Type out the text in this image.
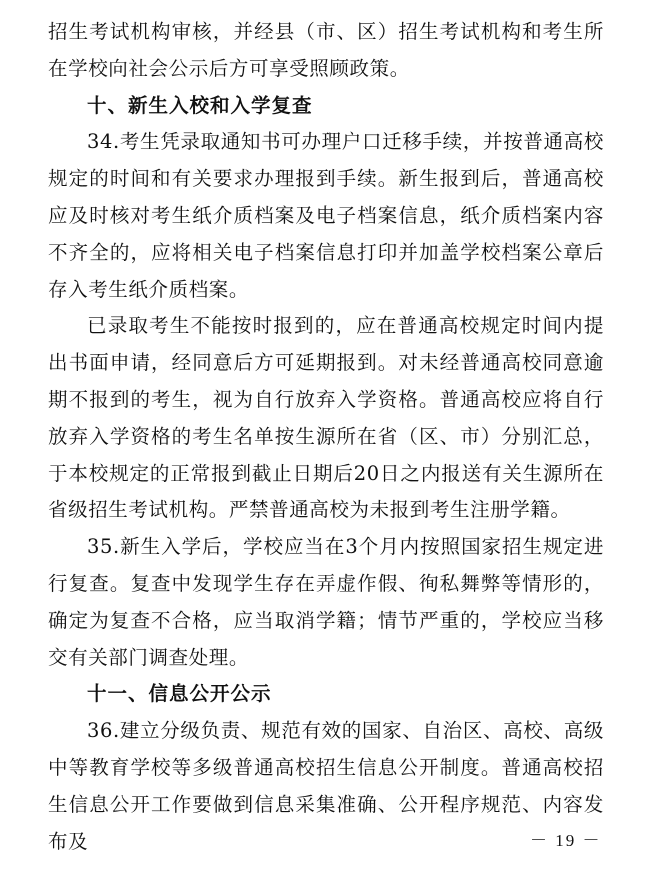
招生考试机构审核，并经县（市、区）招生考试机构和考生所在学校向社会公示后方可享受照顾政策。

十、新生入校和入学复查

34.考生凭录取通知书可办理户口迁移手续，并按普通高校规定的时间和有关要求办理报到手续。新生报到后，普通高校应及时核对考生纸介质档案及电子档案信息，纸介质档案内容不齐全的，应将相关电子档案信息打印并加盖学校档案公章后存入考生纸介质档案。

已录取考生不能按时报到的，应在普通高校规定时间内提出书面申请，经同意后方可延期报到。对未经普通高校同意逾期不报到的考生，视为自行放弃入学资格。普通高校应将自行放弃入学资格的考生名单按生源所在省（区、市）分别汇总，于本校规定的正常报到截止日期后20日之内报送有关生源所在省级招生考试机构。严禁普通高校为未报到考生注册学籍。

35.新生入学后，学校应当在3个月内按照国家招生规定进行复查。复查中发现学生存在弄虚作假、徇私舞弊等情形的，确定为复查不合格，应当取消学籍；情节严重的，学校应当移交有关部门调查处理。

十一、信息公开公示

36.建立分级负责、规范有效的国家、自治区、高校、高级中等教育学校等多级普通高校招生信息公开制度。普通高校招生信息公开工作要做到信息采集准确、公开程序规范、内容发布及	－ 19 －
